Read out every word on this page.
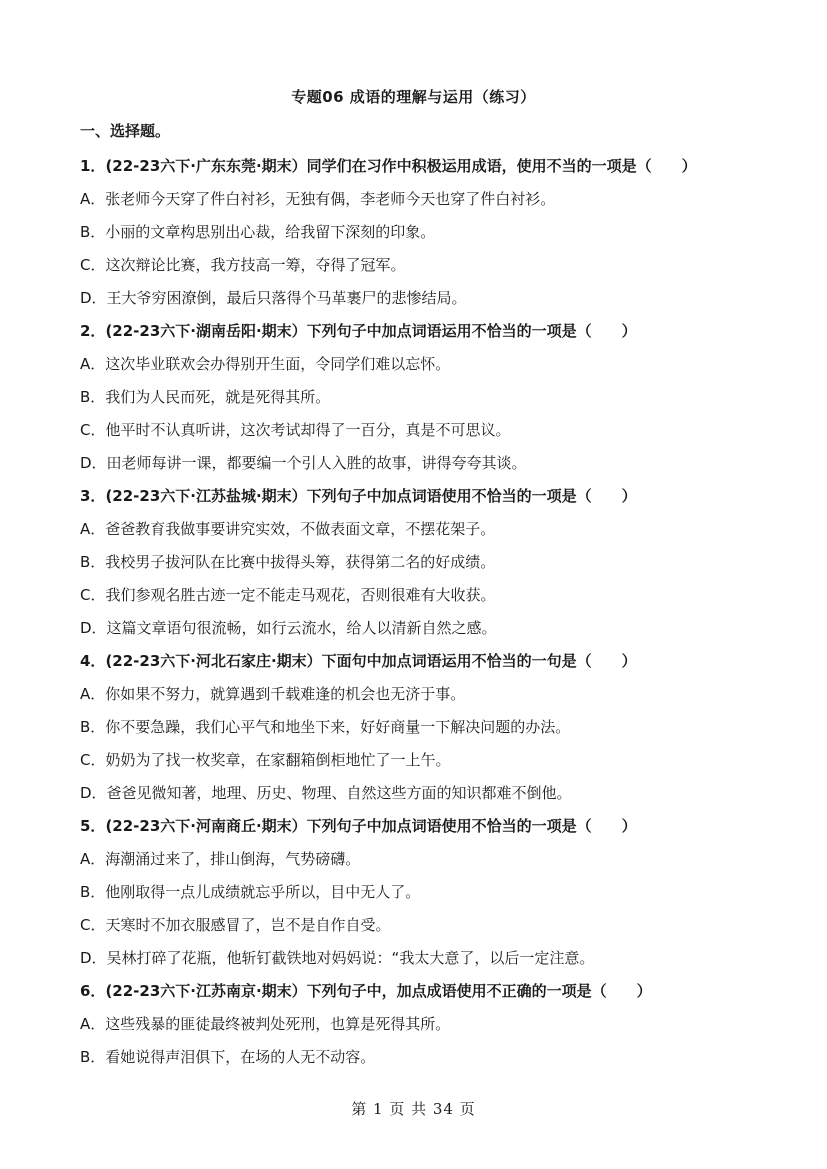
专题06 成语的理解与运用（练习）
一、选择题。
1．(22-23六下·广东东莞·期末）同学们在习作中积极运用成语，使用不当的一项是（　　）
A．张老师今天穿了件白衬衫，无独有偶，李老师今天也穿了件白衬衫。
B．小丽的文章构思别出心裁，给我留下深刻的印象。
C．这次辩论比赛，我方技高一筹，夺得了冠军。
D．王大爷穷困潦倒，最后只落得个马革裹尸的悲惨结局。
2．(22-23六下·湖南岳阳·期末）下列句子中加点词语运用不恰当的一项是（　　）
A．这次毕业联欢会办得别开生面，令同学们难以忘怀。
B．我们为人民而死，就是死得其所。
C．他平时不认真听讲，这次考试却得了一百分，真是不可思议。
D．田老师每讲一课，都要编一个引人入胜的故事，讲得夸夸其谈。
3．(22-23六下·江苏盐城·期末）下列句子中加点词语使用不恰当的一项是（　　）
A．爸爸教育我做事要讲究实效，不做表面文章，不摆花架子。
B．我校男子拔河队在比赛中拔得头筹，获得第二名的好成绩。
C．我们参观名胜古迹一定不能走马观花，否则很难有大收获。
D．这篇文章语句很流畅，如行云流水，给人以清新自然之感。
4．(22-23六下·河北石家庄·期末）下面句中加点词语运用不恰当的一句是（　　）
A．你如果不努力，就算遇到千载难逢的机会也无济于事。
B．你不要急躁，我们心平气和地坐下来，好好商量一下解决问题的办法。
C．奶奶为了找一枚奖章，在家翻箱倒柜地忙了一上午。
D．爸爸见微知著，地理、历史、物理、自然这些方面的知识都难不倒他。
5．(22-23六下·河南商丘·期末）下列句子中加点词语使用不恰当的一项是（　　）
A．海潮涌过来了，排山倒海，气势磅礴。
B．他刚取得一点儿成绩就忘乎所以，目中无人了。
C．天寒时不加衣服感冒了，岂不是自作自受。
D．吴林打碎了花瓶，他斩钉截铁地对妈妈说：“我太大意了，以后一定注意。
6．(22-23六下·江苏南京·期末）下列句子中，加点成语使用不正确的一项是（　　）
A．这些残暴的匪徒最终被判处死刑，也算是死得其所。
B．看她说得声泪俱下，在场的人无不动容。
第 1 页 共 34 页
